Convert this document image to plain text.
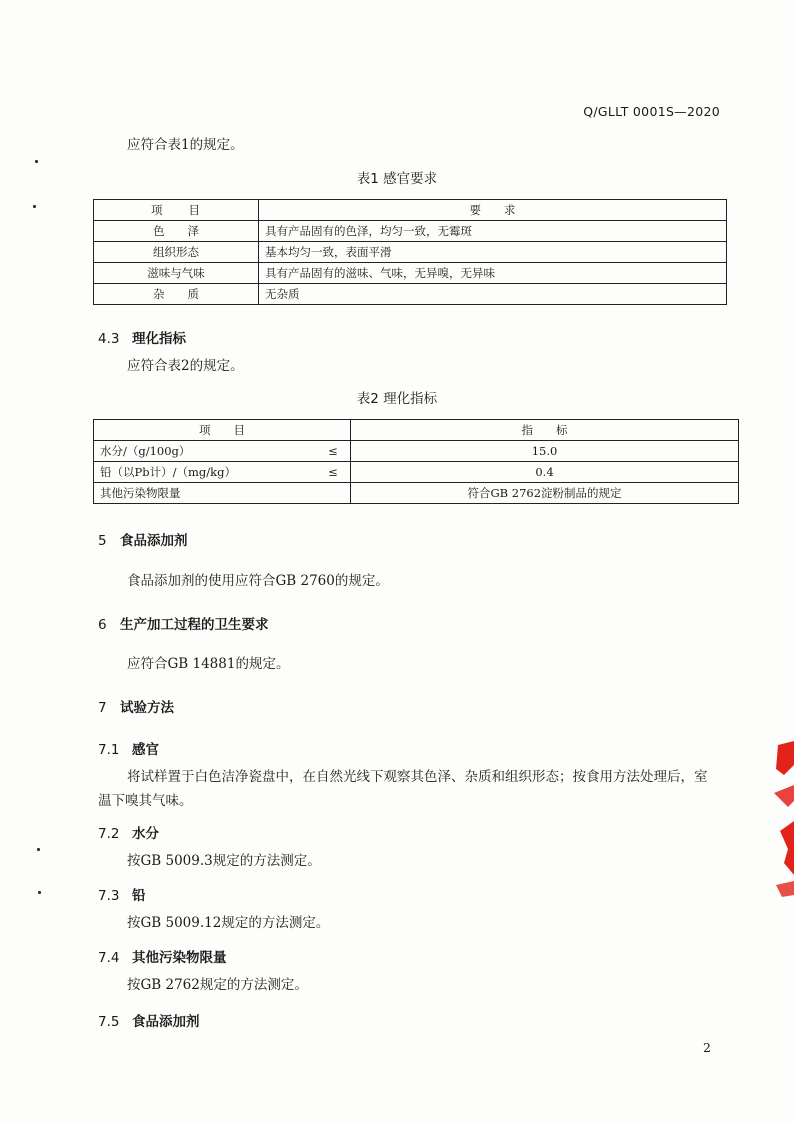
Q/GLLT 0001S—2020
应符合表1的规定。
表1 感官要求
项　　目	要　　求
色　　泽	具有产品固有的色泽，均匀一致，无霉斑
组织形态	基本均匀一致，表面平滑
滋味与气味	具有产品固有的滋味、气味，无异嗅，无异味
杂　　质	无杂质
4.3 理化指标
应符合表2的规定。
表2 理化指标
项　　目		指　　标
水分/（g/100g）	≤	15.0
铅（以Pb计）/（mg/kg）	≤	0.4
其他污染物限量		符合GB 2762淀粉制品的规定
5 食品添加剂
食品添加剂的使用应符合GB 2760的规定。
6 生产加工过程的卫生要求
应符合GB 14881的规定。
7 试验方法
7.1 感官
将试样置于白色洁净瓷盘中，在自然光线下观察其色泽、杂质和组织形态；按食用方法处理后，室
温下嗅其气味。
7.2 水分
按GB 5009.3规定的方法测定。
7.3 铅
按GB 5009.12规定的方法测定。
7.4 其他污染物限量
按GB 2762规定的方法测定。
7.5 食品添加剂
2
